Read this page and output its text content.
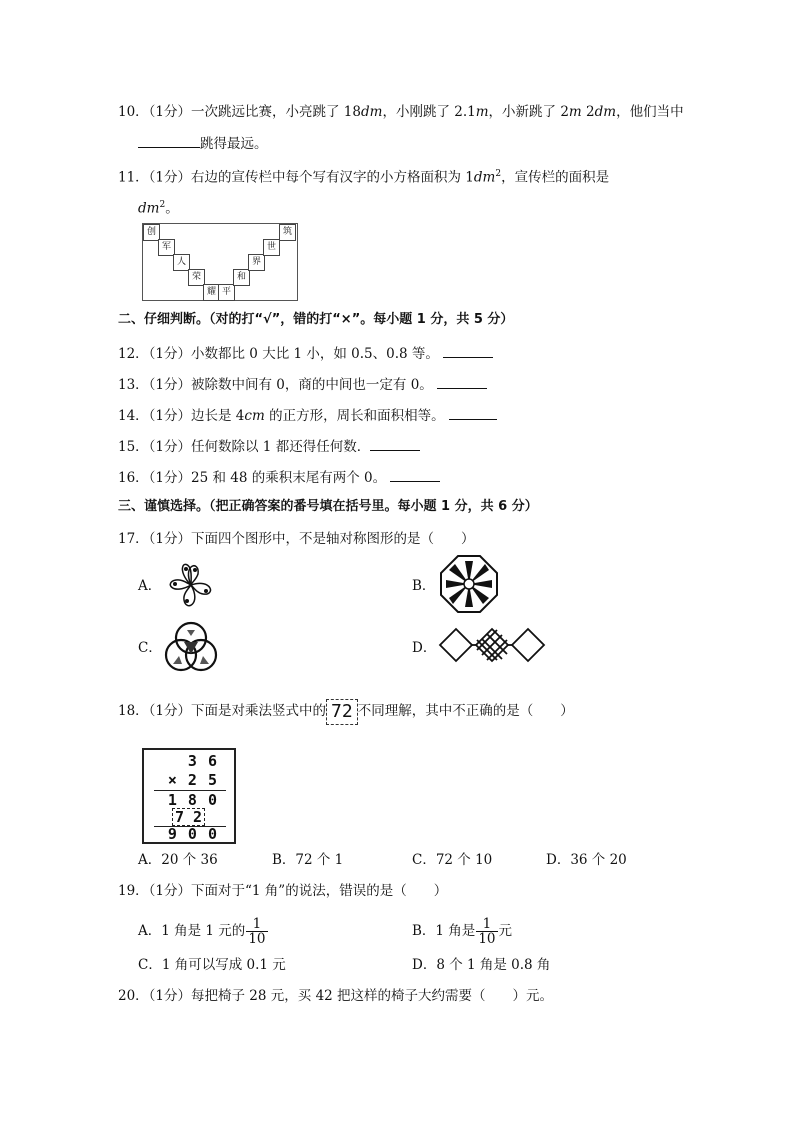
10．（1分）一次跳远比赛，小亮跳了 18dm，小刚跳了 2.1m，小新跳了 2m 2dm，他们当中
跳得最远。
11．（1分）右边的宣传栏中每个写有汉字的小方格面积为 $1dm^2$，宣传栏的面积是
$dm^2$。
创
军
人
荣
耀 平
和
界
世
筑
二、仔细判断。（对的打“√”，错的打“×”。每小题 1 分，共 5 分）
12．（1分）小数都比 0 大比 1 小，如 0.5、0.8 等。
13．（1分）被除数中间有 0，商的中间也一定有 0。
14．（1分）边长是 4cm 的正方形，周长和面积相等。
15．（1分）任何数除以 1 都还得任何数．
16．（1分）25 和 48 的乘积末尾有两个 0。
三、谨慎选择。（把正确答案的番号填在括号里。每小题 1 分，共 6 分）
17．（1分）下面四个图形中，不是轴对称图形的是（　　）
A．	B．
C．	D．
18．（1分）下面是对乘法竖式中的 72 不同理解，其中不正确的是（　　）
3 6
× 2 5
1 8 0
7 2
9 0 0
A．20 个 36	B．72 个 1	C．72 个 10	D．36 个 20
19．（1分）下面对于“1 角”的说法，错误的是（　　）
A．1 角是 1 元的 $\frac{1}{10}$	B．1 角是 $\frac{1}{10}$ 元
C．1 角可以写成 0.1 元	D．8 个 1 角是 0.8 角
20．（1分）每把椅子 28 元，买 42 把这样的椅子大约需要（　　）元。
